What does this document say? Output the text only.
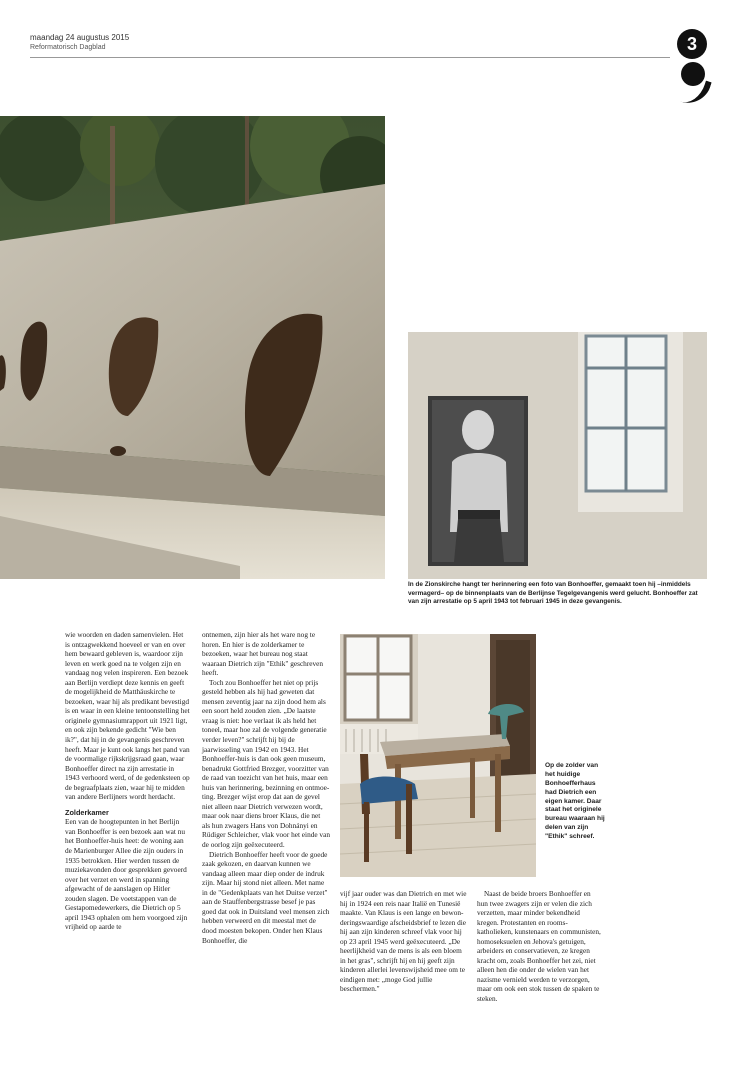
maandag 24 augustus 2015
Reformatorisch Dagblad	3
In de Zionskirche hangt ter herinnering een foto van Bonhoeffer, gemaakt toen hij –inmiddels vermagerd– op de binnenplaats van de Berlijnse Tegelgevangenis werd gelucht. Bonhoeffer zat van zijn arrestatie op 5 april 1943 tot februari 1945 in deze gevangenis.
Op de zolder van het huidige Bonhoefferhaus had Dietrich een eigen kamer. Daar staat het originele bureau waaraan hij delen van zijn "Ethik" schreef.

wie woorden en daden samenvielen. Het is ontzagwekkend hoeveel er van en over hem bewaard gebleven is, waardoor zijn leven en werk goed na te volgen zijn en vandaag nog velen inspireren. Een bezoek aan Berlijn verdiept deze kennis en geeft de mogelijkheid de Matthäuskirche te bezoeken, waar hij als predikant bevestigd is en waar in een kleine tentoonstelling het originele gymnasiumrapport uit 1921 ligt, en ook zijn bekende gedicht "Wie ben ik?", dat hij in de gevangenis geschreven heeft. Maar je kunt ook langs het pand van de voormalige rijkskrijgsraad gaan, waar Bonhoeffer direct na zijn arrestatie in 1943 verhoord werd, of de gedenksteen op de begraafplaats zien, waar hij te midden van andere Berlijners wordt herdacht.

Zolderkamer

Een van de hoogtepunten in het Berlijn van Bonhoeffer is een bezoek aan wat nu het Bonhoeffer-huis heet: de woning aan de Marienburger Allee die zijn ouders in 1935 betrokken. Hier werden tussen de muziekavonden door gesprekken gevoerd over het verzet en werd in spanning afgewacht of de aanslagen op Hitler zouden slagen. De voetstappen van de Gestapomedewerkers, die Dietrich op 5 april 1943 ophalen om hem voorgoed zijn vrijheid op aarde te

ontnemen, zijn hier als het ware nog te horen. En hier is de zolderkamer te bezoeken, waar het bureau nog staat waaraan Dietrich zijn "Ethik" geschreven heeft.

Toch zou Bonhoeffer het niet op prijs gesteld hebben als hij had geweten dat mensen zeventig jaar na zijn dood hem als een soort held zouden zien. „De laatste vraag is niet: hoe verlaat ik als held het toneel, maar hoe zal de volgende generatie verder leven?" schrijft hij bij de jaarwisseling van 1942 en 1943. Het Bonhoeffer-huis is dan ook geen museum, benadrukt Gottfried Brezger, voorzitter van de raad van toezicht van het huis, maar een huis van herinnering, bezinning en ontmoeting. Brezger wijst erop dat aan de gevel niet alleen naar Dietrich verwezen wordt, maar ook naar diens broer Klaus, die net als hun zwagers Hans von Dohnányi en Rüdiger Schleicher, vlak voor het einde van de oorlog zijn geëxecuteerd.

Dietrich Bonhoeffer heeft voor de goede zaak gekozen, en daarvan kunnen we vandaag alleen maar diep onder de indruk zijn. Maar hij stond niet alleen. Met name in de "Gedenkplaats van het Duitse verzet" aan de Stauffenbergstrasse besef je pas goed dat ook in Duitsland veel mensen zich hebben verweerd en dit meestal met de dood moesten bekopen. Onder hen Klaus Bonhoeffer, die

vijf jaar ouder was dan Dietrich en met wie hij in 1924 een reis naar Italië en Tunesië maakte. Van Klaus is een lange en bewonderingswaardige afscheidsbrief te lezen die hij aan zijn kinderen schreef vlak voor hij op 23 april 1945 werd geëxecuteerd. „De heerlijkheid van de mens is als een bloem in het gras", schrijft hij en hij geeft zijn kinderen allerlei levenswijsheid mee om te eindigen met: „moge God jullie beschermen."

Naast de beide broers Bonhoeffer en hun twee zwagers zijn er velen die zich verzetten, maar minder bekendheid kregen. Protestanten en rooms-katholieken, kunstenaars en communisten, homoseksuelen en Jehova's getuigen, arbeiders en conservatieven, ze kregen kracht om, zoals Bonhoeffer het zei, niet alleen hen die onder de wielen van het nazisme vernield werden te verzorgen, maar om ook een stok tussen de spaken te steken.
